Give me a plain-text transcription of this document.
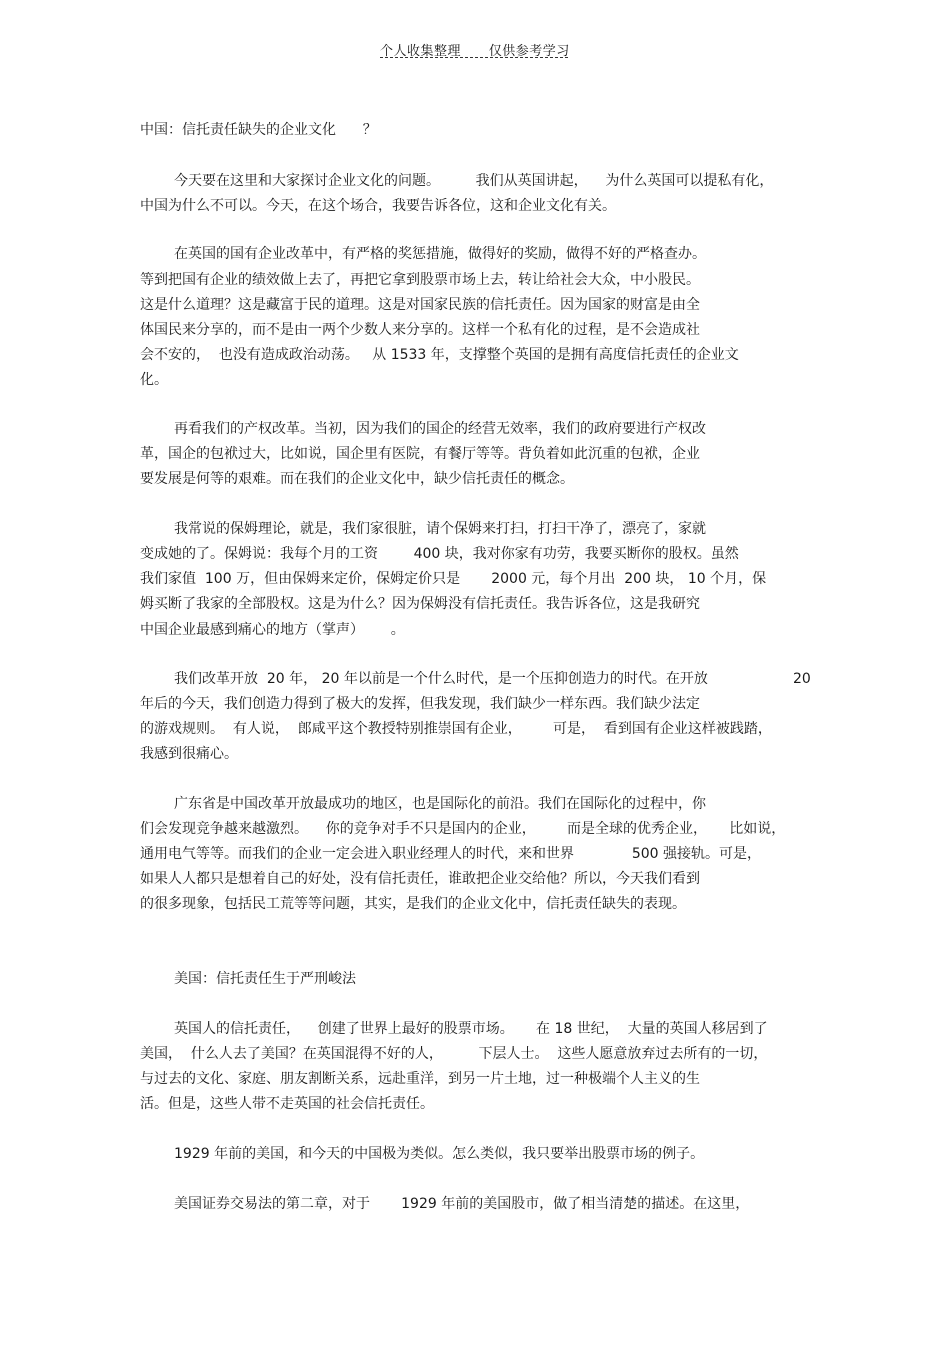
个人收集整理      仅供参考学习
中国：信托责任缺失的企业文化      ？
今天要在这里和大家探讨企业文化的问题。        我们从英国讲起，    为什么英国可以提私有化，
中国为什么不可以。今天，在这个场合，我要告诉各位，这和企业文化有关。
在英国的国有企业改革中，有严格的奖惩措施，做得好的奖励，做得不好的严格查办。
等到把国有企业的绩效做上去了，再把它拿到股票市场上去，转让给社会大众，中小股民。
这是什么道理？这是藏富于民的道理。这是对国家民族的信托责任。因为国家的财富是由全
体国民来分享的，而不是由一两个少数人来分享的。这样一个私有化的过程，是不会造成社
会不安的，  也没有造成政治动荡。   从 1533 年，支撑整个英国的是拥有高度信托责任的企业文
化。
再看我们的产权改革。当初，因为我们的国企的经营无效率，我们的政府要进行产权改
革，国企的包袱过大，比如说，国企里有医院，有餐厅等等。背负着如此沉重的包袱，企业
要发展是何等的艰难。而在我们的企业文化中，缺少信托责任的概念。
我常说的保姆理论，就是，我们家很脏，请个保姆来打扫，打扫干净了，漂亮了，家就
变成她的了。保姆说：我每个月的工资        400 块，我对你家有功劳，我要买断你的股权。虽然
我们家值  100 万，但由保姆来定价，保姆定价只是       2000 元，每个月出  200 块， 10 个月，保
姆买断了我家的全部股权。这是为什么？因为保姆没有信托责任。我告诉各位，这是我研究
中国企业最感到痛心的地方（掌声）      。
我们改革开放  20 年， 20 年以前是一个什么时代，是一个压抑创造力的时代。在开放	20
年后的今天，我们创造力得到了极大的发挥，但我发现，我们缺少一样东西。我们缺少法定
的游戏规则。  有人说，  郎咸平这个教授特别推崇国有企业，       可是，  看到国有企业这样被践踏，
我感到很痛心。
广东省是中国改革开放最成功的地区，也是国际化的前沿。我们在国际化的过程中，你
们会发现竞争越来越激烈。    你的竞争对手不只是国内的企业，       而是全球的优秀企业，     比如说，
通用电气等等。而我们的企业一定会进入职业经理人的时代，来和世界             500 强接轨。可是，
如果人人都只是想着自己的好处，没有信托责任，谁敢把企业交给他？所以，今天我们看到
的很多现象，包括民工荒等等问题，其实，是我们的企业文化中，信托责任缺失的表现。
美国：信托责任生于严刑峻法
英国人的信托责任，    创建了世界上最好的股票市场。     在 18 世纪，  大量的英国人移居到了
美国，  什么人去了美国？在英国混得不好的人，        下层人士。  这些人愿意放弃过去所有的一切，
与过去的文化、家庭、朋友割断关系，远赴重洋，到另一片土地，过一种极端个人主义的生
活。但是，这些人带不走英国的社会信托责任。
1929 年前的美国，和今天的中国极为类似。怎么类似，我只要举出股票市场的例子。
美国证券交易法的第二章，对于       1929 年前的美国股市，做了相当清楚的描述。在这里，
